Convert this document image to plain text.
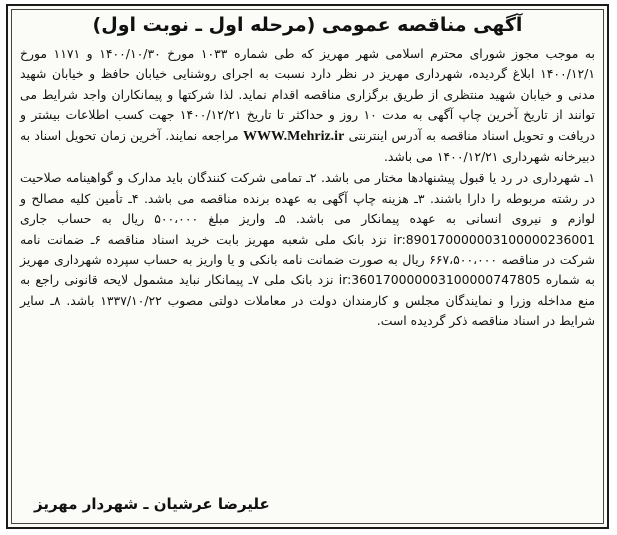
آگهی مناقصه عمومی (مرحله اول ـ نوبت اول)

به موجب مجوز شورای محترم اسلامی شهر مهریز که طی شماره ۱۰۳۳ مورخ ۱۴۰۰/۱۰/۳۰ و ۱۱۷۱ مورخ ۱۴۰۰/۱۲/۱ ابلاغ گردیده، شهرداری مهریز در نظر دارد نسبت به اجرای روشنایی خیابان حافظ و خیابان شهید مدنی و خیابان شهید منتظری از طریق برگزاری مناقصه اقدام نماید. لذا شرکتها و پیمانکاران واجد شرایط می توانند از تاریخ آخرین چاپ آگهی به مدت ۱۰ روز و حداکثر تا تاریخ ۱۴۰۰/۱۲/۲۱ جهت کسب اطلاعات بیشتر و دریافت و تحویل اسناد مناقصه به آدرس اینترنتی WWW.Mehriz.ir مراجعه نمایند. آخرین زمان تحویل اسناد به دبیرخانه شهرداری ۱۴۰۰/۱۲/۲۱ می باشد.

۱ـ شهرداری در رد یا قبول پیشنهادها مختار می باشد. ۲ـ تمامی شرکت کنندگان باید مدارک و گواهینامه صلاحیت در رشته مربوطه را دارا باشند. ۳ـ هزینه چاپ آگهی به عهده برنده مناقصه می باشد. ۴ـ تأمین کلیه مصالح و لوازم و نیروی انسانی به عهده پیمانکار می باشد. ۵ـ واریز مبلغ ۵۰۰،۰۰۰ ریال به حساب جاری ir:890170000003100000236001 نزد بانک ملی شعبه مهریز بابت خرید اسناد مناقصه ۶ـ ضمانت نامه شرکت در مناقصه ۶۶۷،۵۰۰،۰۰۰ ریال به صورت ضمانت نامه بانکی و یا واریز به حساب سپرده شهرداری مهریز به شماره ir:360170000003100000747805 نزد بانک ملی ۷ـ پیمانکار نباید مشمول لایحه قانونی راجع به منع مداخله وزرا و نمایندگان مجلس و کارمندان دولت در معاملات دولتی مصوب ۱۳۳۷/۱۰/۲۲ باشد. ۸ـ سایر شرایط در اسناد مناقصه ذکر گردیده است.

علیرضا عرشیان ـ شهردار مهریز
